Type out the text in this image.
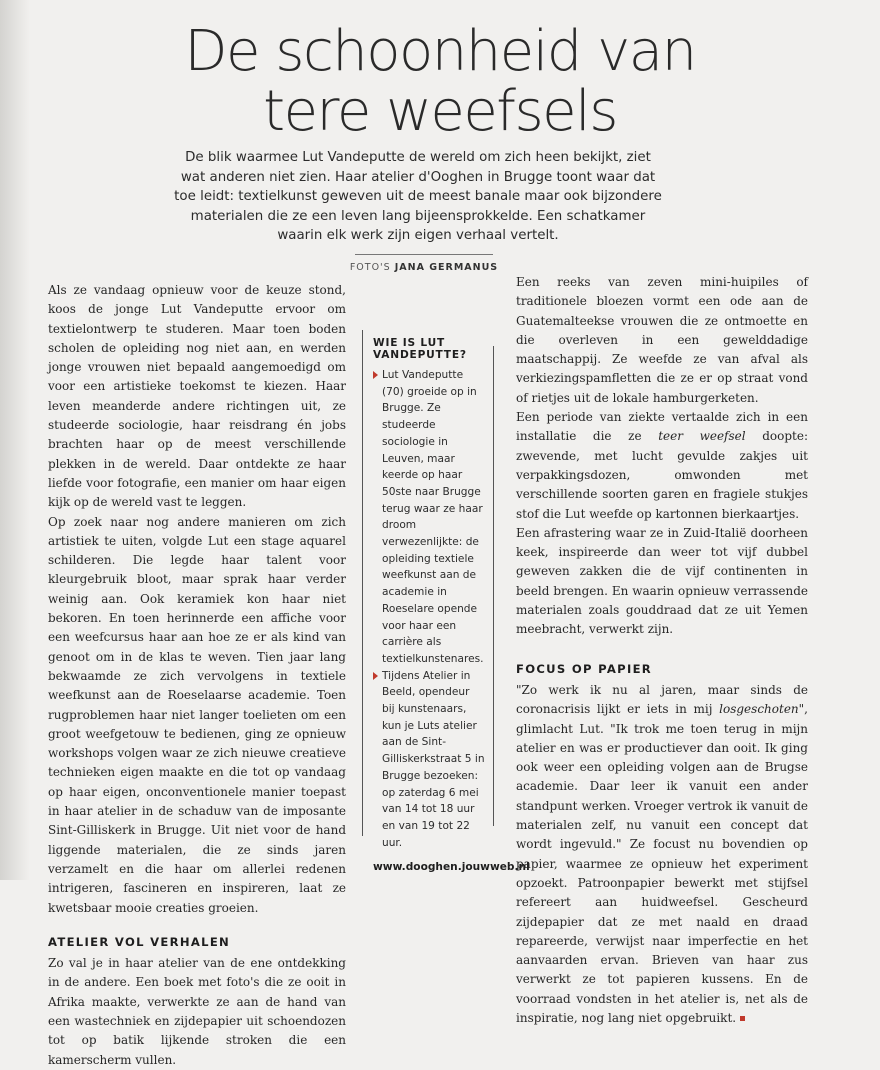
De schoonheid van
tere weefsels
De blik waarmee Lut Vandeputte de wereld om zich heen bekijkt, ziet wat anderen niet zien. Haar atelier d'Ooghen in Brugge toont waar dat toe leidt: textielkunst geweven uit de meest banale maar ook bijzondere materialen die ze een leven lang bijeensprokkelde. Een schatkamer waarin elk werk zijn eigen verhaal vertelt.
FOTO'S JANA GERMANUS

Als ze vandaag opnieuw voor de keuze stond, koos de jonge Lut Vandeputte ervoor om textielontwerp te studeren. Maar toen boden scholen de opleiding nog niet aan, en werden jonge vrouwen niet bepaald aangemoedigd om voor een artistieke toekomst te kiezen. Haar leven meanderde andere richtingen uit, ze studeerde sociologie, haar reisdrang én jobs brachten haar op de meest verschillende plekken in de wereld. Daar ontdekte ze haar liefde voor fotografie, een manier om haar eigen kijk op de wereld vast te leggen.

Op zoek naar nog andere manieren om zich artistiek te uiten, volgde Lut een stage aquarel schilderen. Die legde haar talent voor kleurgebruik bloot, maar sprak haar verder weinig aan. Ook keramiek kon haar niet bekoren. En toen herinnerde een affiche voor een weefcursus haar aan hoe ze er als kind van genoot om in de klas te weven. Tien jaar lang bekwaamde ze zich vervolgens in textiele weefkunst aan de Roeselaarse academie. Toen rugproblemen haar niet langer toelieten om een groot weefgetouw te bedienen, ging ze opnieuw workshops volgen waar ze zich nieuwe creatieve technieken eigen maakte en die tot op vandaag op haar eigen, onconventionele manier toepast in haar atelier in de schaduw van de imposante Sint-Gilliskerk in Brugge. Uit niet voor de hand liggende materialen, die ze sinds jaren verzamelt en die haar om allerlei redenen intrigeren, fascineren en inspireren, laat ze kwetsbaar mooie creaties groeien.

ATELIER VOL VERHALEN

Zo val je in haar atelier van de ene ontdekking in de andere. Een boek met foto's die ze ooit in Afrika maakte, verwerkte ze aan de hand van een wastechniek en zijdepapier uit schoendozen tot op batik lijkende stroken die een kamerscherm vullen.

WIE IS LUT VANDEPUTTE?
Lut Vandeputte (70) groeide op in Brugge. Ze studeerde sociologie in Leuven, maar keerde op haar 50ste naar Brugge terug waar ze haar droom verwezenlijkte: de opleiding textiele weefkunst aan de academie in Roeselare opende voor haar een carrière als textielkunstenares.
Tijdens Atelier in Beeld, opendeur bij kunstenaars, kun je Luts atelier aan de Sint-Gilliskerkstraat 5 in Brugge bezoeken: op zaterdag 6 mei van 14 tot 18 uur en van 19 tot 22 uur.
www.dooghen.jouwweb.nl

Een reeks van zeven mini-huipiles of traditionele bloezen vormt een ode aan de Guatemalteekse vrouwen die ze ontmoette en die overleven in een gewelddadige maatschappij. Ze weefde ze van afval als verkiezingspamfletten die ze er op straat vond of rietjes uit de lokale hamburgerketen.

Een periode van ziekte vertaalde zich in een installatie die ze teer weefsel doopte: zwevende, met lucht gevulde zakjes uit verpakkingsdozen, omwonden met verschillende soorten garen en fragiele stukjes stof die Lut weefde op kartonnen bierkaartjes.

Een afrastering waar ze in Zuid-Italië doorheen keek, inspireerde dan weer tot vijf dubbel geweven zakken die de vijf continenten in beeld brengen. En waarin opnieuw verrassende materialen zoals gouddraad dat ze uit Yemen meebracht, verwerkt zijn.

FOCUS OP PAPIER

"Zo werk ik nu al jaren, maar sinds de coronacrisis lijkt er iets in mij losgeschoten", glimlacht Lut. "Ik trok me toen terug in mijn atelier en was er productiever dan ooit. Ik ging ook weer een opleiding volgen aan de Brugse academie. Daar leer ik vanuit een ander standpunt werken. Vroeger vertrok ik vanuit de materialen zelf, nu vanuit een concept dat wordt ingevuld." Ze focust nu bovendien op papier, waarmee ze opnieuw het experiment opzoekt. Patroonpapier bewerkt met stijfsel refereert aan huidweefsel. Gescheurd zijdepapier dat ze met naald en draad repareerde, verwijst naar imperfectie en het aanvaarden ervan. Brieven van haar zus verwerkt ze tot papieren kussens. En de voorraad vondsten in het atelier is, net als de inspiratie, nog lang niet opgebruikt.
